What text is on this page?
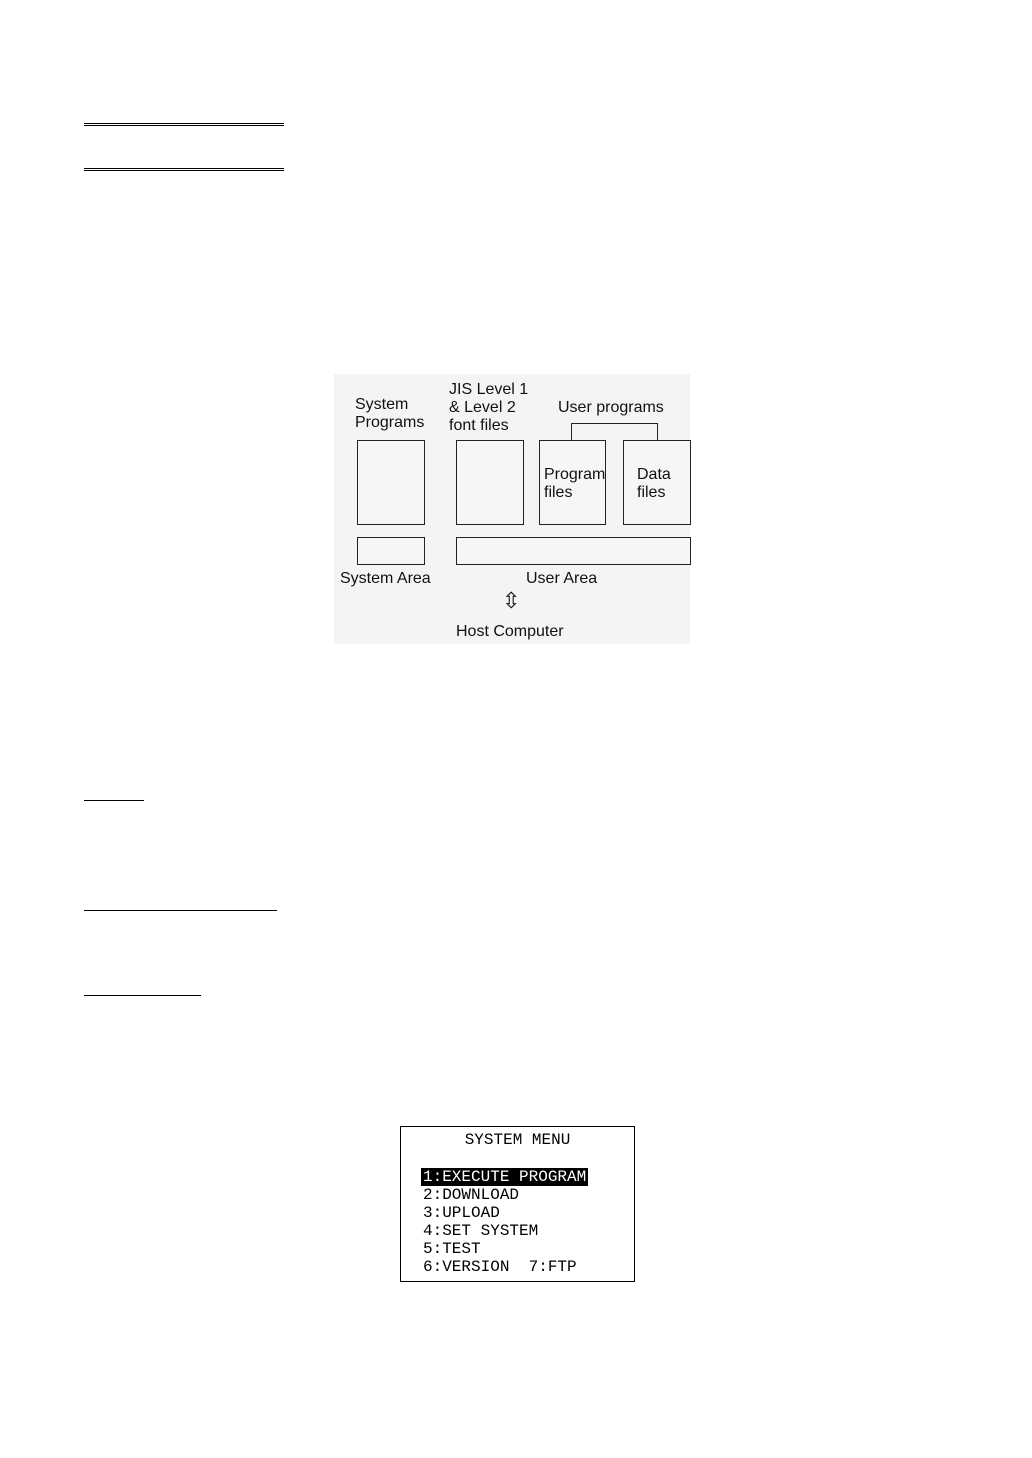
System
Programs
JIS Level 1
& Level 2
font files
User programs
Program
files
Data
files
System Area	User Area
⇳
Host Computer
SYSTEM MENU
1:EXECUTE PROGRAM
2:DOWNLOAD
3:UPLOAD
4:SET SYSTEM
5:TEST
6:VERSION  7:FTP
